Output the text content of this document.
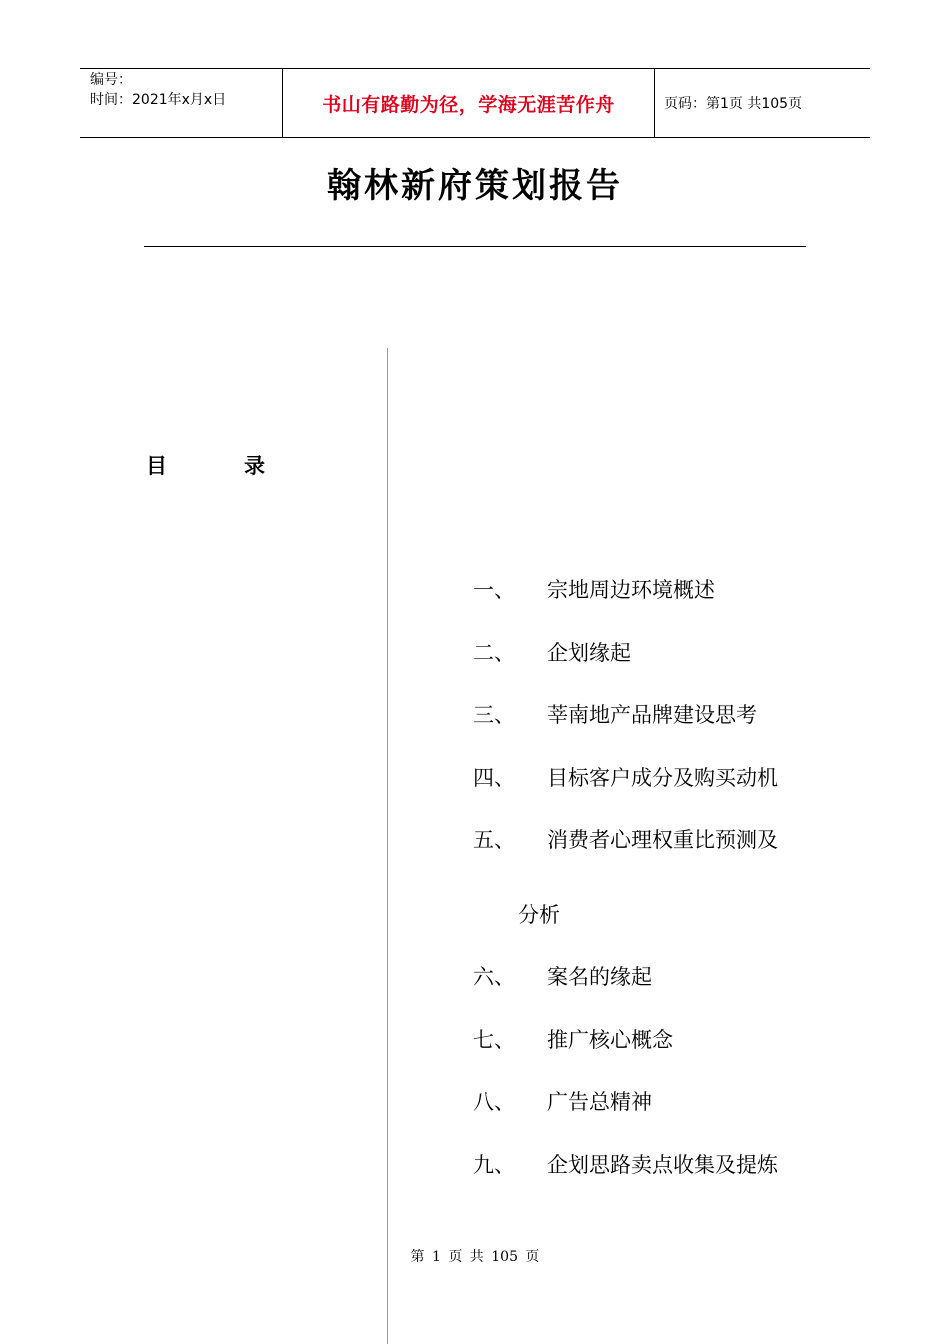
编号：
时间：2021年x月x日	书山有路勤为径，学海无涯苦作舟	页码：第1页 共105页
翰林新府策划报告
目	录
一、 宗地周边环境概述
二、 企划缘起
三、 莘南地产品牌建设思考
四、 目标客户成分及购买动机
五、 消费者心理权重比预测及
分析
六、 案名的缘起
七、 推广核心概念
八、 广告总精神
九、 企划思路卖点收集及提炼
第 1 页 共 105 页
